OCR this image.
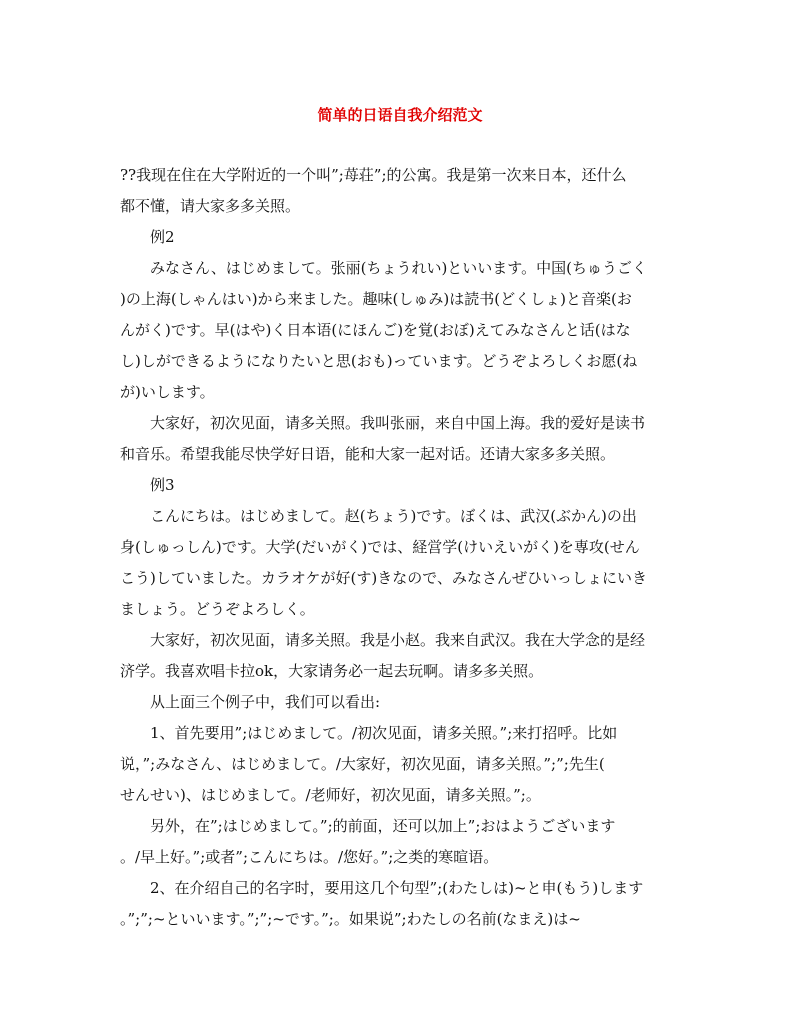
简单的日语自我介绍范文
??我现在住在大学附近的一个叫”;苺荘”;的公寓。我是第一次来日本，还什么
都不懂，请大家多多关照。
例2
みなさん、はじめまして。张丽(ちょうれい)といいます。中国(ちゅうごく
)の上海(しゃんはい)から来ました。趣味(しゅみ)は読书(どくしょ)と音楽(お
んがく)です。早(はや)く日本语(にほんご)を覚(おぼ)えてみなさんと话(はな
し)しができるようになりたいと思(おも)っています。どうぞよろしくお愿(ね
が)いします。
大家好，初次见面，请多关照。我叫张丽，来自中国上海。我的爱好是读书
和音乐。希望我能尽快学好日语，能和大家一起对话。还请大家多多关照。
例3
こんにちは。はじめまして。赵(ちょう)です。ぼくは、武汉(ぶかん)の出
身(しゅっしん)です。大学(だいがく)では、経営学(けいえいがく)を専攻(せん
こう)していました。カラオケが好(す)きなので、みなさんぜひいっしょにいき
ましょう。どうぞよろしく。
大家好，初次见面，请多关照。我是小赵。我来自武汉。我在大学念的是经
济学。我喜欢唱卡拉ok，大家请务必一起去玩啊。请多多关照。
从上面三个例子中，我们可以看出:
1、首先要用”;はじめまして。/初次见面，请多关照。”;来打招呼。比如
说，”;みなさん、はじめまして。/大家好，初次见面，请多关照。”;”;先生(
せんせい)、はじめまして。/老师好，初次见面，请多关照。”;。
另外，在”;はじめまして。”;的前面，还可以加上”;おはようございます
。/早上好。”;或者”;こんにちは。/您好。”;之类的寒暄语。
2、在介绍自己的名字时，要用这几个句型”;(わたしは)~と申(もう)します
。”;”;~といいます。”;”;~です。”;。如果说”;わたしの名前(なまえ)は~
